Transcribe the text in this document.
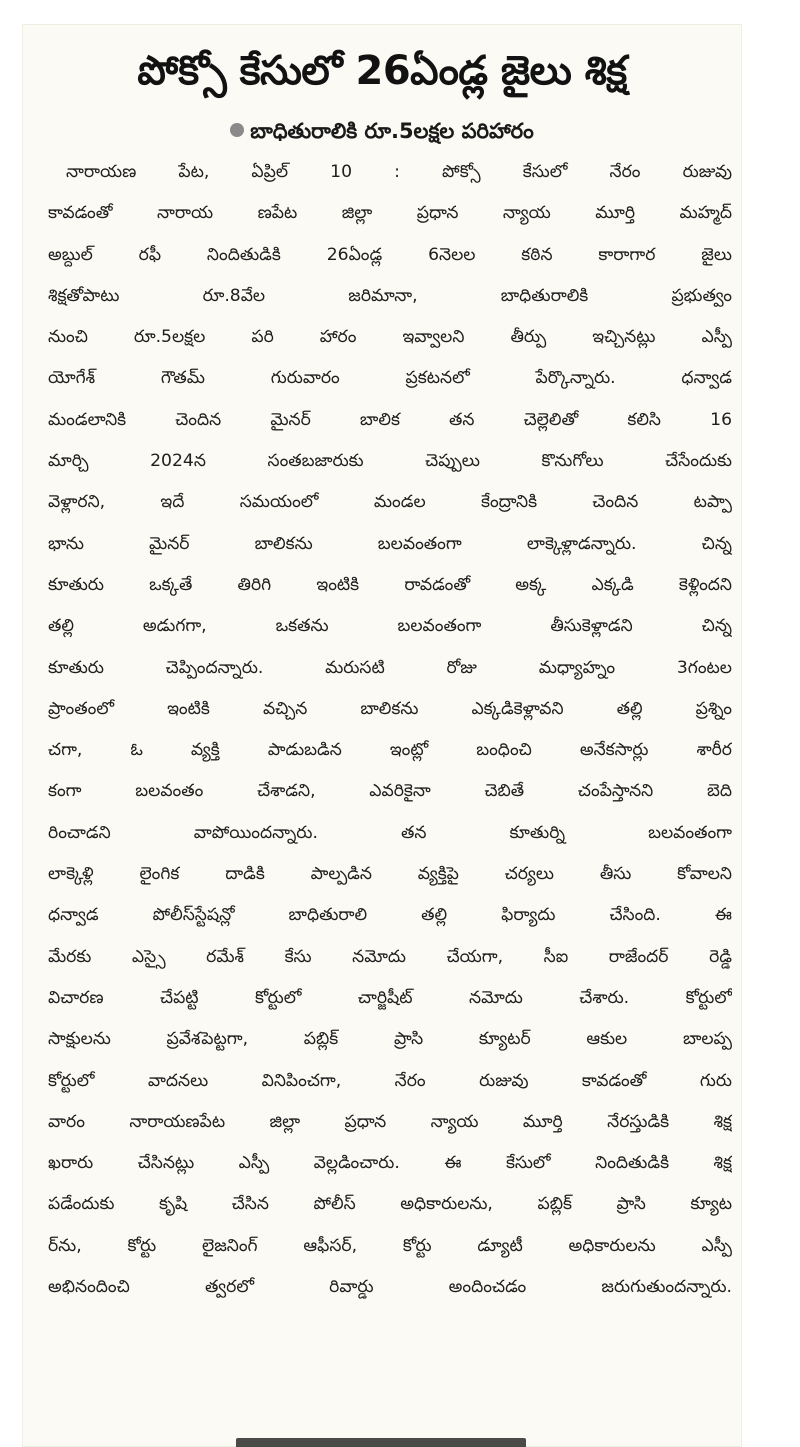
పోక్సో కేసులో 26ఏండ్ల జైలు శిక్ష
బాధితురాలికి రూ.5లక్షల పరిహారం
నారాయణ పేట, ఏప్రిల్ 10 : పోక్సో కేసులో నేరం రుజువు
కావడంతో నారాయ ణపేట జిల్లా ప్రధాన న్యాయ మూర్తి మహ్మద్
అబ్దుల్ రఫీ నిందితుడికి 26ఏండ్ల 6నెలల కఠిన కారాగార జైలు
శిక్షతోపాటు రూ.8వేల జరిమానా, బాధితురాలికి ప్రభుత్వం
నుంచి రూ.5లక్షల పరి హారం ఇవ్వాలని తీర్పు ఇచ్చినట్లు ఎస్పీ
యోగేశ్ గౌతమ్ గురువారం ప్రకటనలో పేర్కొన్నారు. ధన్వాడ
మండలానికి చెందిన మైనర్ బాలిక తన చెల్లెలితో కలిసి 16
మార్చి 2024న సంతబజారుకు చెప్పులు కొనుగోలు చేసేందుకు
వెళ్లారని, ఇదే సమయంలో మండల కేంద్రానికి చెందిన టప్పా
భాను మైనర్ బాలికను బలవంతంగా లాక్కెళ్లాడన్నారు. చిన్న
కూతురు ఒక్కతే తిరిగి ఇంటికి రావడంతో అక్క ఎక్కడి కెళ్లిందని
తల్లి అడుగగా, ఒకతను బలవంతంగా తీసుకెళ్లాడని చిన్న
కూతురు చెప్పిందన్నారు. మరుసటి రోజు మధ్యాహ్నం 3గంటల
ప్రాంతంలో ఇంటికి వచ్చిన బాలికను ఎక్కడికెళ్లావని తల్లి ప్రశ్నిం
చగా, ఓ వ్యక్తి పాడుబడిన ఇంట్లో బంధించి అనేకసార్లు శారీర
కంగా బలవంతం చేశాడని, ఎవరికైనా చెబితే చంపేస్తానని బెది
రించాడని వాపోయిందన్నారు. తన కూతుర్ని బలవంతంగా
లాక్కెళ్లి లైంగిక దాడికి పాల్పడిన వ్యక్తిపై చర్యలు తీసు కోవాలని
ధన్వాడ పోలీస్‌స్టేషన్లో బాధితురాలి తల్లి ఫిర్యాదు చేసింది. ఈ
మేరకు ఎస్సై రమేశ్ కేసు నమోదు చేయగా, సీఐ రాజేందర్ రెడ్డి
విచారణ చేపట్టి కోర్టులో చార్జిషీట్ నమోదు చేశారు. కోర్టులో
సాక్షులను ప్రవేశపెట్టగా, పబ్లిక్ ప్రాసి క్యూటర్ ఆకుల బాలప్ప
కోర్టులో వాదనలు వినిపించగా, నేరం రుజువు కావడంతో గురు
వారం నారాయణపేట జిల్లా ప్రధాన న్యాయ మూర్తి నేరస్తుడికి శిక్ష
ఖరారు చేసినట్లు ఎస్పీ వెల్లడించారు. ఈ కేసులో నిందితుడికి శిక్ష
పడేందుకు కృషి చేసిన పోలీస్ అధికారులను, పబ్లిక్ ప్రాసి క్యూట
ర్‌ను, కోర్టు లైజనింగ్ ఆఫీసర్, కోర్టు డ్యూటీ అధికారులను ఎస్పీ
అభినందించి త్వరలో రివార్డు అందించడం జరుగుతుందన్నారు.
